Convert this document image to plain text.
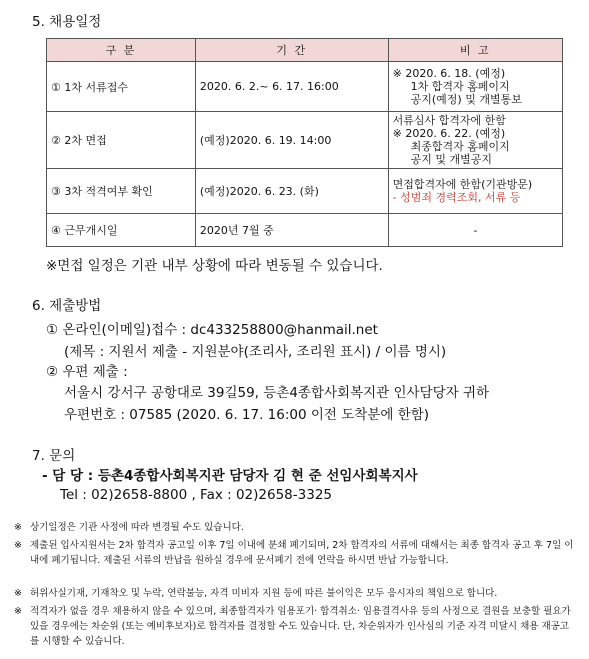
5. 채용일정
구 분	기 간	비 고
① 1차 서류접수	2020. 6. 2.~ 6. 17. 16:00	※ 2020. 6. 18. (예정)
1차 합격자 홈페이지
공지(예정) 및 개별통보

② 2차 면접	(예정)2020. 6. 19. 14:00	서류심사 합격자에 한함
※ 2020. 6. 22. (예정)
최종합격자 홈페이지
공지 및 개별공지

③ 3차 적격여부 확인	(예정)2020. 6. 23. (화)	면접합격자에 한함(기관방문)
- 성범죄 경력조회, 서류 등

④ 근무개시일	2020년 7월 중	-
※면접 일정은 기관 내부 상황에 따라 변동될 수 있습니다.
6. 제출방법
① 온라인(이메일)접수 : dc433258800@hanmail.net
(제목 : 지원서 제출 - 지원분야(조리사, 조리원 표시) / 이름 명시)
② 우편 제출 :
서울시 강서구 공항대로 39길59, 등촌4종합사회복지관 인사담당자 귀하
우편번호 : 07585 (2020. 6. 17. 16:00 이전 도착분에 한함)
7. 문의
- 담 당 : 등촌4종합사회복지관 담당자 김 현 준 선임사회복지사
Tel : 02)2658-8800 , Fax : 02)2658-3325
※ 상기일정은 기관 사정에 따라 변경될 수도 있습니다.
※ 제출된 입사지원서는 2차 합격자 공고일 이후 7일 이내에 분쇄 폐기되며, 2차 합격자의 서류에 대해서는 최종 합격자 공고 후 7일 이내에 폐기됩니다. 제출된 서류의 반납을 원하실 경우에 문서폐기 전에 연락을 하시면 반납 가능합니다.
※ 허위사실기재, 기재착오 및 누락, 연락불능, 자격 미비자 지원 등에 따른 불이익은 모두 응시자의 책임으로 합니다.
※ 적격자가 없을 경우 채용하지 않을 수 있으며, 최종합격자가 임용포기· 합격취소· 임용결격사유 등의 사정으로 결원을 보충할 필요가 있을 경우에는 차순위 (또는 예비후보자)로 합격자를 결정할 수도 있습니다. 단, 차순위자가 인사심의 기준 자격 미달시 채용 재공고를 시행할 수 있습니다.
